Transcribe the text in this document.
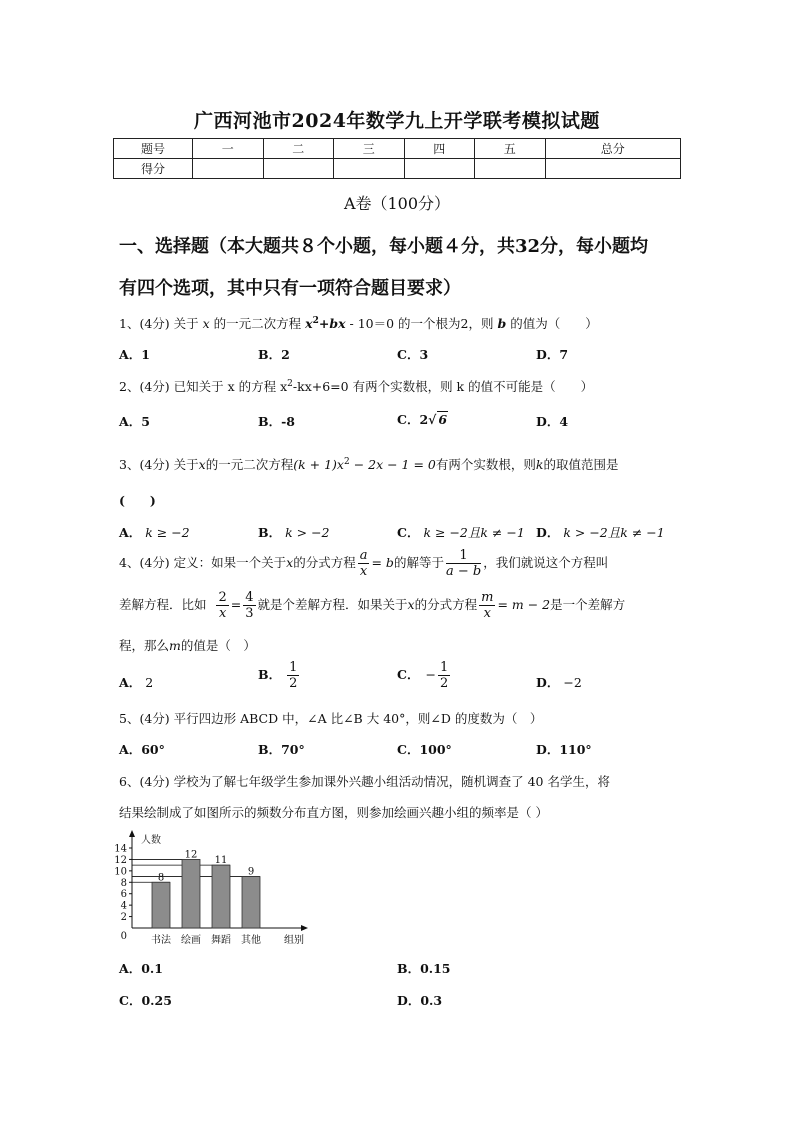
广西河池市2024年数学九上开学联考模拟试题
题号	一	二	三	四	五	总分
得分						
A卷（100分）
一、选择题（本大题共８个小题，每小题４分，共32分，每小题均
有四个选项，其中只有一项符合题目要求）
1、(4分) 关于 x 的一元二次方程 $x^2+bx - 10=0$ 的一个根为2，则 b 的值为（　　）
A．1	B．2	C．3	D．7
2、(4分) 已知关于 x 的方程 $x^2-kx+6=0$ 有两个实数根，则 k 的值不可能是（　　）
A．5	B．-8	C．2√ 6	D．4
3、(4分) 关于x的一元二次方程$(k + 1)x^2 - 2x - 1 = 0$有两个实数根，则k的取值范围是
(　　)
A． k ≥ −2	B． k > −2	C． k ≥ −2且k ≠ −1 D． k > −2且k ≠ −1
4、(4分) 定义：如果一个关于x的分式方程 $\frac{a}{x} = b$的解等于 $\frac{1}{a - b}$ ，我们就说这个方程叫
差解方程．比如 $\frac{2}{x} = \frac{4}{3}$ 就是个差解方程．如果关于x的分式方程 $\frac{m}{x} = m - 2$是一个差解方
程，那么m的值是（　）
A． 2
B． $\frac{1}{2}$	C． − $\frac{1}{2}$	D． −2
5、(4分) 平行四边形 ABCD 中，∠A 比∠B 大 40°，则∠D 的度数为（　）
A．60°	B．70°	C．100°	D．110°
6、(4分) 学校为了解七年级学生参加课外兴趣小组活动情况，随机调查了 40 名学生，将
结果绘制成了如图所示的频数分布直方图，则参加绘画兴趣小组的频率是（ ）
0
2
4
6
8
10
12
14
8
书法
12
绘画
11
舞蹈
9
其他
人数
组别
A．0.1	B．0.15
C．0.25	D．0.3
